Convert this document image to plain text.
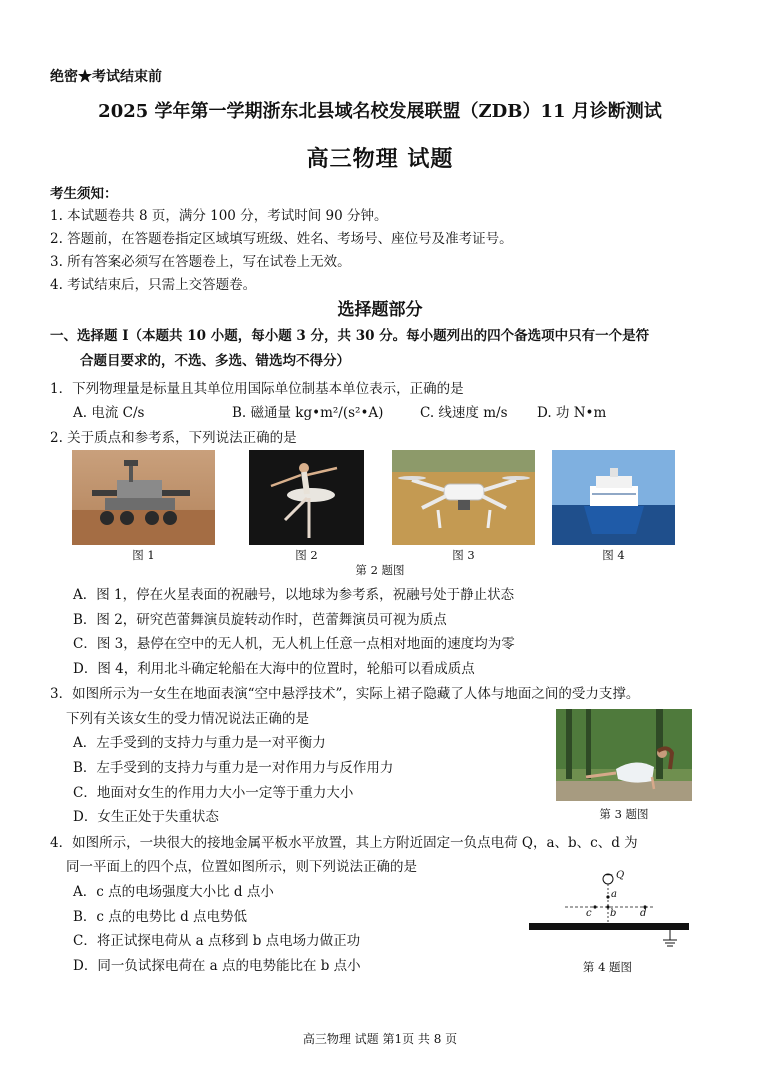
绝密★考试结束前
2025 学年第一学期浙东北县域名校发展联盟（ZDB）11 月诊断测试
高三物理 试题
考生须知：
1. 本试题卷共 8 页，满分 100 分，考试时间 90 分钟。
2. 答题前，在答题卷指定区域填写班级、姓名、考场号、座位号及准考证号。
3. 所有答案必须写在答题卷上，写在试卷上无效。
4. 考试结束后，只需上交答题卷。
选择题部分
一、选择题 I（本题共 10 小题，每小题 3 分，共 30 分。每小题列出的四个备选项中只有一个是符
合题目要求的，不选、多选、错选均不得分）
1．下列物理量是标量且其单位用国际单位制基本单位表示，正确的是
A. 电流 C/s	B. 磁通量 kg•m²/(s²•A)	C. 线速度 m/s D. 功 N•m
2. 关于质点和参考系，下列说法正确的是
图 1	图 2	图 3	图 4
第 2 题图
A．图 1，停在火星表面的祝融号，以地球为参考系，祝融号处于静止状态
B．图 2，研究芭蕾舞演员旋转动作时，芭蕾舞演员可视为质点
C．图 3，悬停在空中的无人机，无人机上任意一点相对地面的速度均为零
D．图 4，利用北斗确定轮船在大海中的位置时，轮船可以看成质点
3．如图所示为一女生在地面表演“空中悬浮技术”，实际上裙子隐藏了人体与地面之间的受力支撑。
下列有关该女生的受力情况说法正确的是
A．左手受到的支持力与重力是一对平衡力
B．左手受到的支持力与重力是一对作用力与反作用力
C．地面对女生的作用力大小一定等于重力大小
D．女生正处于失重状态	第 3 题图
4．如图所示，一块很大的接地金属平板水平放置，其上方附近固定一负点电荷 Q，a、b、c、d 为
同一平面上的四个点，位置如图所示，则下列说法正确的是
A．c 点的电场强度大小比 d 点小
B．c 点的电势比 d 点电势低
C．将正试探电荷从 a 点移到 b 点电场力做正功
D．同一负试探电荷在 a 点的电势能比在 b 点小
− Q
a
b
c	d
第 4 题图
高三物理 试题 第1页 共 8 页
